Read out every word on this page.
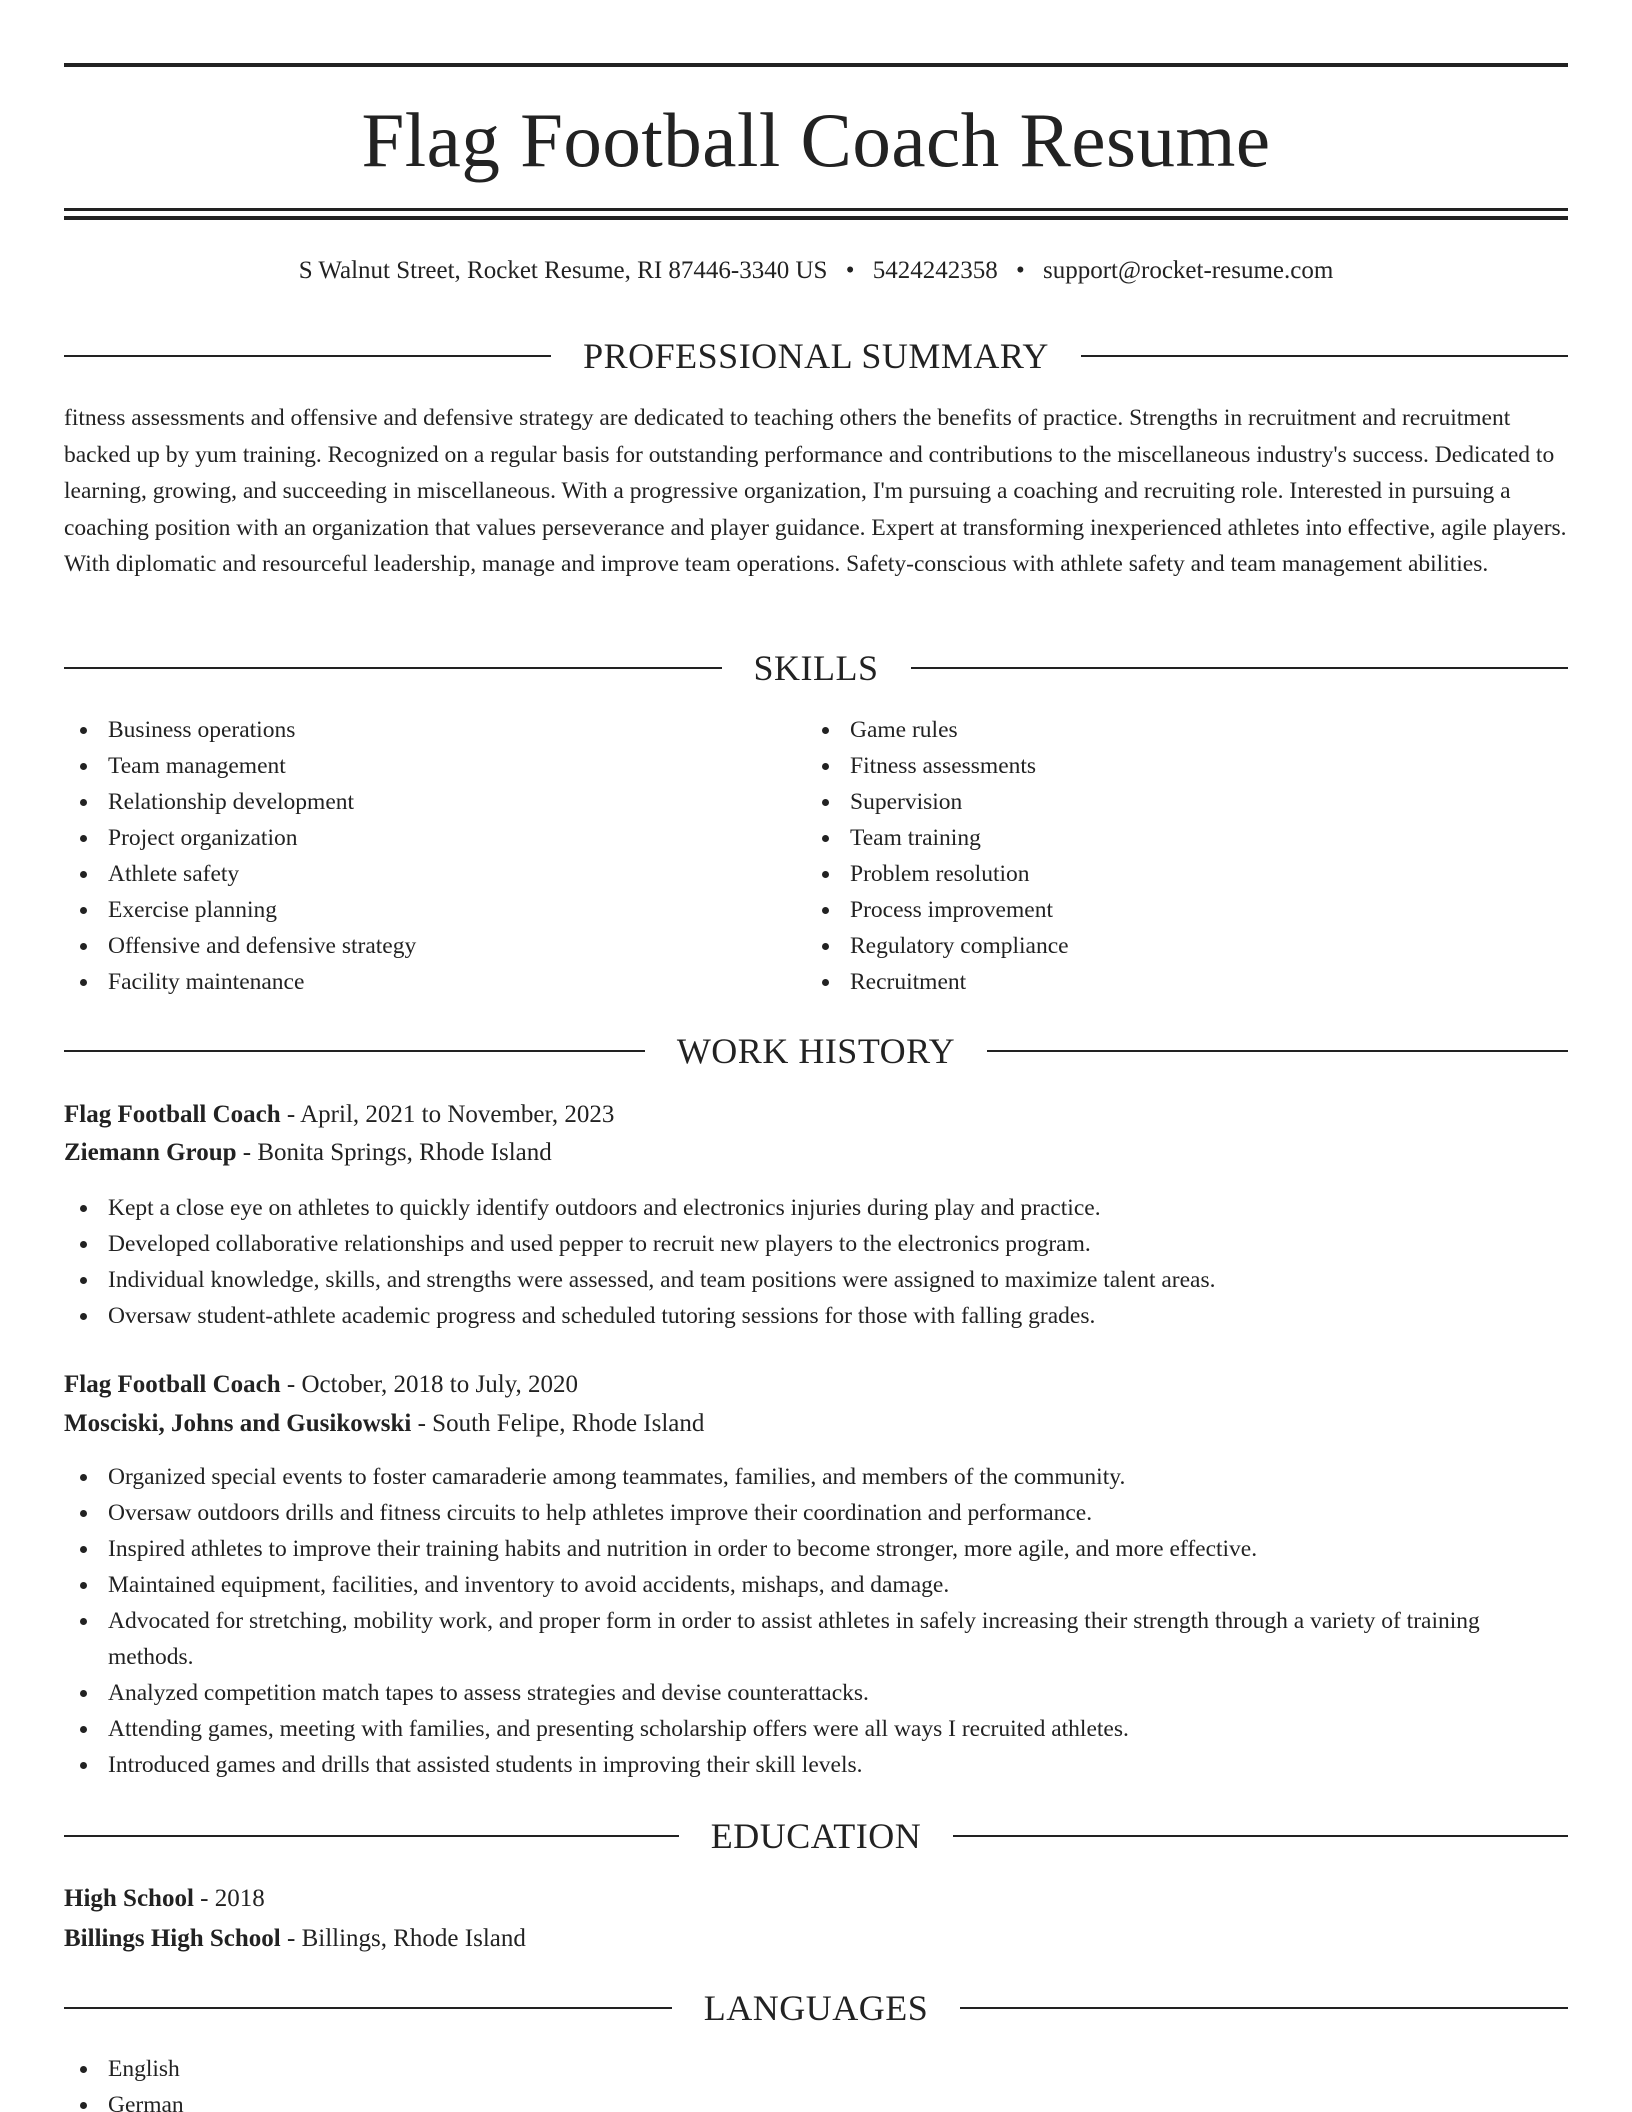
Flag Football Coach Resume
S Walnut Street, Rocket Resume, RI 87446-3340 US • 5424242358 • support@rocket-resume.com
PROFESSIONAL SUMMARY

fitness assessments and offensive and defensive strategy are dedicated to teaching others the benefits of practice. Strengths in recruitment and recruitment backed up by yum training. Recognized on a regular basis for outstanding performance and contributions to the miscellaneous industry's success. Dedicated to learning, growing, and succeeding in miscellaneous. With a progressive organization, I'm pursuing a coaching and recruiting role. Interested in pursuing a coaching position with an organization that values perseverance and player guidance. Expert at transforming inexperienced athletes into effective, agile players. With diplomatic and resourceful leadership, manage and improve team operations. Safety-conscious with athlete safety and team management abilities.

SKILLS
Business operations
Team management
Relationship development
Project organization
Athlete safety
Exercise planning
Offensive and defensive strategy
Facility maintenance
Game rules
Fitness assessments
Supervision
Team training
Problem resolution
Process improvement
Regulatory compliance
Recruitment
WORK HISTORY
Flag Football Coach - April, 2021 to November, 2023
Ziemann Group - Bonita Springs, Rhode Island
Kept a close eye on athletes to quickly identify outdoors and electronics injuries during play and practice.
Developed collaborative relationships and used pepper to recruit new players to the electronics program.
Individual knowledge, skills, and strengths were assessed, and team positions were assigned to maximize talent areas.
Oversaw student-athlete academic progress and scheduled tutoring sessions for those with falling grades.
Flag Football Coach - October, 2018 to July, 2020
Mosciski, Johns and Gusikowski - South Felipe, Rhode Island
Organized special events to foster camaraderie among teammates, families, and members of the community.
Oversaw outdoors drills and fitness circuits to help athletes improve their coordination and performance.
Inspired athletes to improve their training habits and nutrition in order to become stronger, more agile, and more effective.
Maintained equipment, facilities, and inventory to avoid accidents, mishaps, and damage.
Advocated for stretching, mobility work, and proper form in order to assist athletes in safely increasing their strength through a variety of training methods.
Analyzed competition match tapes to assess strategies and devise counterattacks.
Attending games, meeting with families, and presenting scholarship offers were all ways I recruited athletes.
Introduced games and drills that assisted students in improving their skill levels.
EDUCATION
High School - 2018
Billings High School - Billings, Rhode Island
LANGUAGES
English
German
